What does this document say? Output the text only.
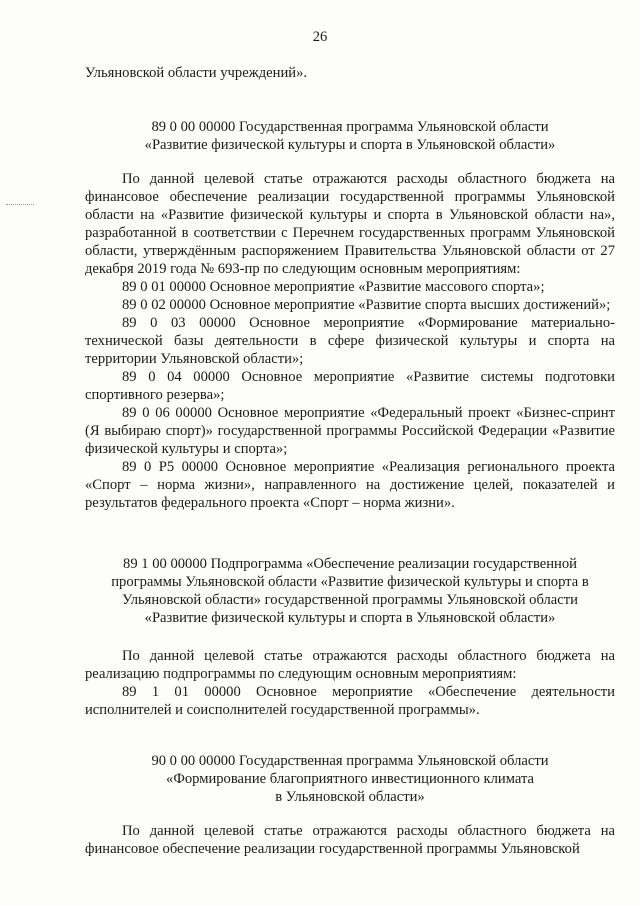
26

Ульяновской области учреждений».

89 0 00 00000 Государственная программа Ульяновской области

«Развитие физической культуры и спорта в Ульяновской области»

По данной целевой статье отражаются расходы областного бюджета на финансовое обеспечение реализации государственной программы Ульяновской области на «Развитие физической культуры и спорта в Ульяновской области на», разработанной в соответствии с Перечнем государственных программ Ульяновской области, утверждённым распоряжением Правительства Ульяновской области от 27 декабря 2019 года № 693-пр по следующим основным мероприятиям:

89 0 01 00000 Основное мероприятие «Развитие массового спорта»;

89 0 02 00000 Основное мероприятие «Развитие спорта высших достижений»;

89 0 03 00000 Основное мероприятие «Формирование материально-технической базы деятельности в сфере физической культуры и спорта на территории Ульяновской области»;

89 0 04 00000 Основное мероприятие «Развитие системы подготовки спортивного резерва»;

89 0 06 00000 Основное мероприятие «Федеральный проект «Бизнес-спринт (Я выбираю спорт)» государственной программы Российской Федерации «Развитие физической культуры и спорта»;

89 0 Р5 00000 Основное мероприятие «Реализация регионального проекта «Спорт – норма жизни», направленного на достижение целей, показателей и результатов федерального проекта «Спорт – норма жизни».

89 1 00 00000 Подпрограмма «Обеспечение реализации государственной

программы Ульяновской области «Развитие физической культуры и спорта в

Ульяновской области» государственной программы Ульяновской области

«Развитие физической культуры и спорта в Ульяновской области»

По данной целевой статье отражаются расходы областного бюджета на реализацию подпрограммы по следующим основным мероприятиям:

89 1 01 00000 Основное мероприятие «Обеспечение деятельности исполнителей и соисполнителей государственной программы».

90 0 00 00000 Государственная программа Ульяновской области

«Формирование благоприятного инвестиционного климата

в Ульяновской области»

По данной целевой статье отражаются расходы областного бюджета на финансовое обеспечение реализации государственной программы Ульяновской
